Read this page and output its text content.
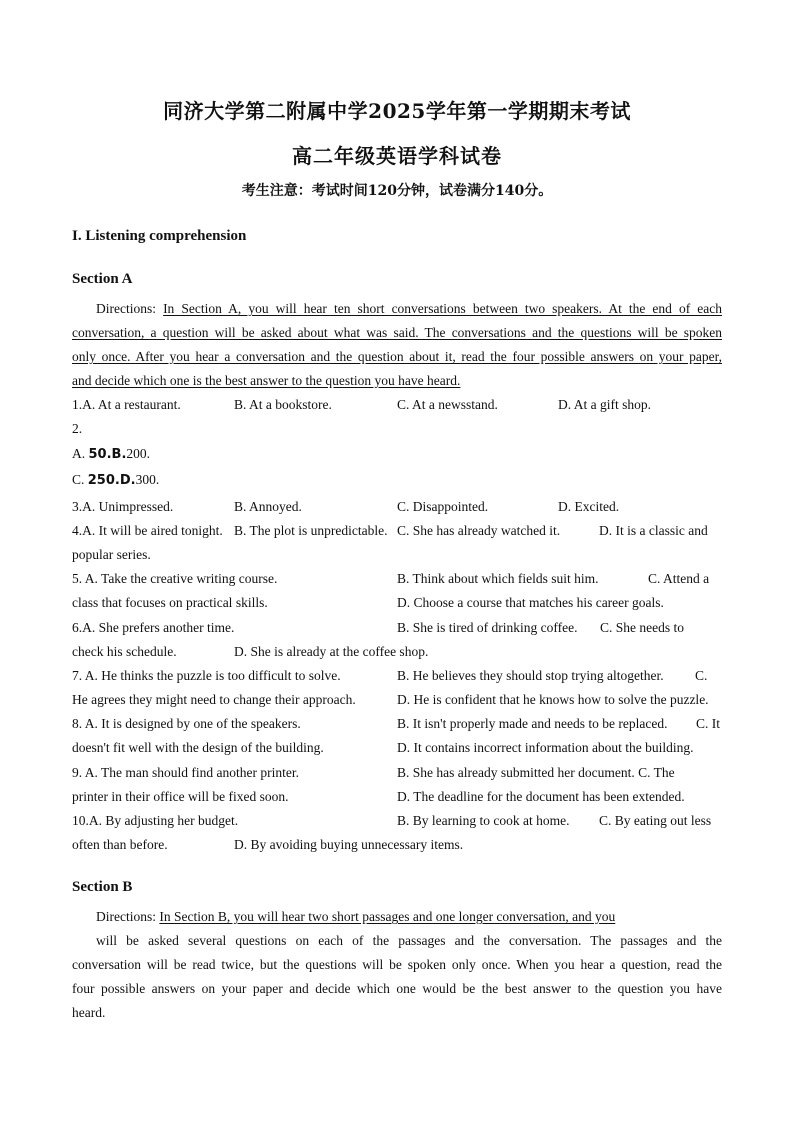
同济大学第二附属中学2025学年第一学期期末考试
高二年级英语学科试卷
考生注意：考试时间120分钟，试卷满分140分。
I. Listening comprehension
Section A
Directions: In Section A, you will hear ten short conversations between two speakers. At the end of each
conversation, a question will be asked about what was said. The conversations and the questions will be spoken
only once. After you hear a conversation and the question about it, read the four possible answers on your paper,
and decide which one is the best answer to the question you have heard.
1.A. At a restaurant.	B. At a bookstore.	C. At a newsstand.	D. At a gift shop.
2.
A. 50.B.200.
C. 250.D.300.
3.A. Unimpressed.	B. Annoyed.	C. Disappointed.	D. Excited.
4.A. It will be aired tonight. B. The plot is unpredictable. C. She has already watched it.	D. It is a classic and
popular series.
5. A. Take the creative writing course.	B. Think about which fields suit him.	C. Attend a
class that focuses on practical skills.	D. Choose a course that matches his career goals.
6.A. She prefers another time.	B. She is tired of drinking coffee. C. She needs to
check his schedule.	D. She is already at the coffee shop.
7. A. He thinks the puzzle is too difficult to solve.	B. He believes they should stop trying altogether. C.
He agrees they might need to change their approach.	D. He is confident that he knows how to solve the puzzle.
8. A. It is designed by one of the speakers.	B. It isn't properly made and needs to be replaced. C. It
doesn't fit well with the design of the building.	D. It contains incorrect information about the building.
9. A. The man should find another printer.	B. She has already submitted her document. C. The
printer in their office will be fixed soon.	D. The deadline for the document has been extended.
10.A. By adjusting her budget.	B. By learning to cook at home. C. By eating out less
often than before.	D. By avoiding buying unnecessary items.
Section B
Directions: In Section B, you will hear two short passages and one longer conversation, and you
will be asked several questions on each of the passages and the conversation. The passages and the
conversation will be read twice, but the questions will be spoken only once. When you hear a question, read the
four possible answers on your paper and decide which one would be the best answer to the question you have
heard.
